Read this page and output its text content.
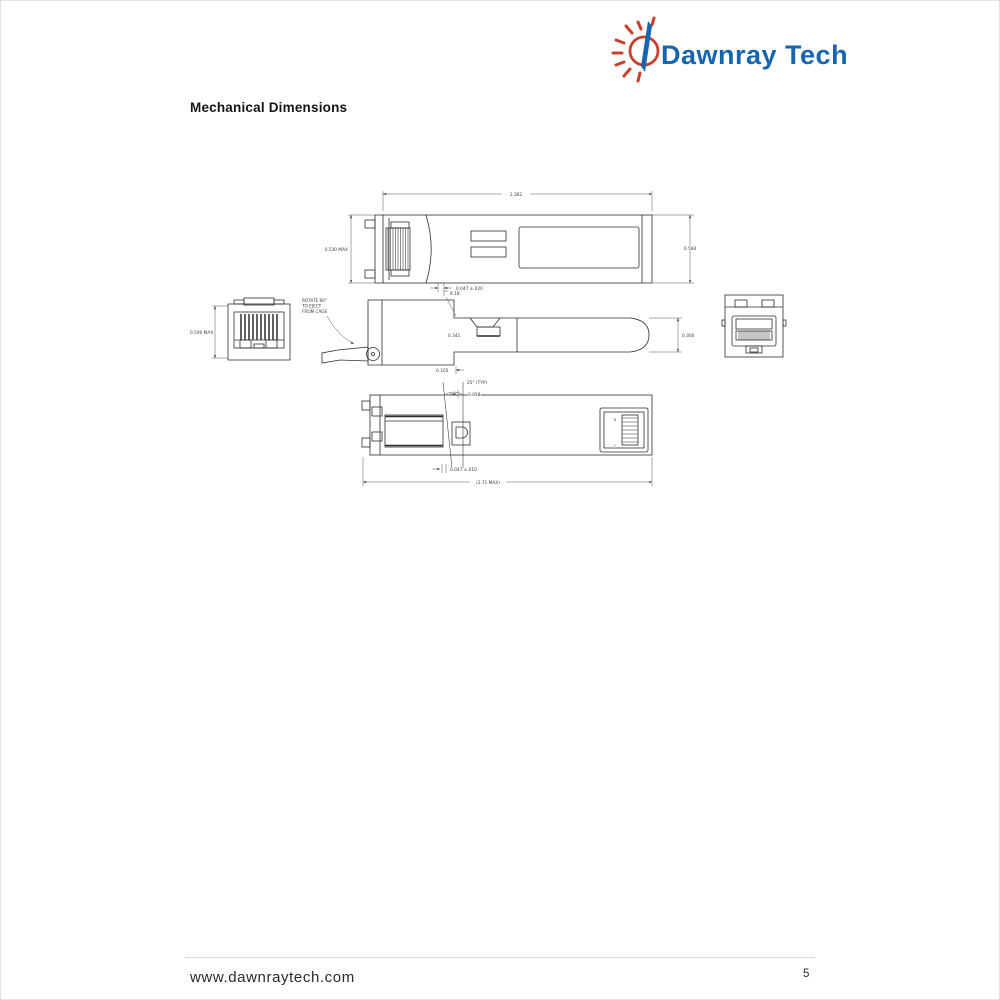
Dawnray Tech
Mechanical Dimensions
2.362
0.530 MAX	0.568
0.047 ±.020
0.590 MAX
ROTATE 90°
TO EJECT
FROM CAGE
R.18
0.341	0.300
0.105
25° (TYP)
0.058
8
1
0.047 ±.010
(2.71 MAX)
www.dawnraytech.com	5
